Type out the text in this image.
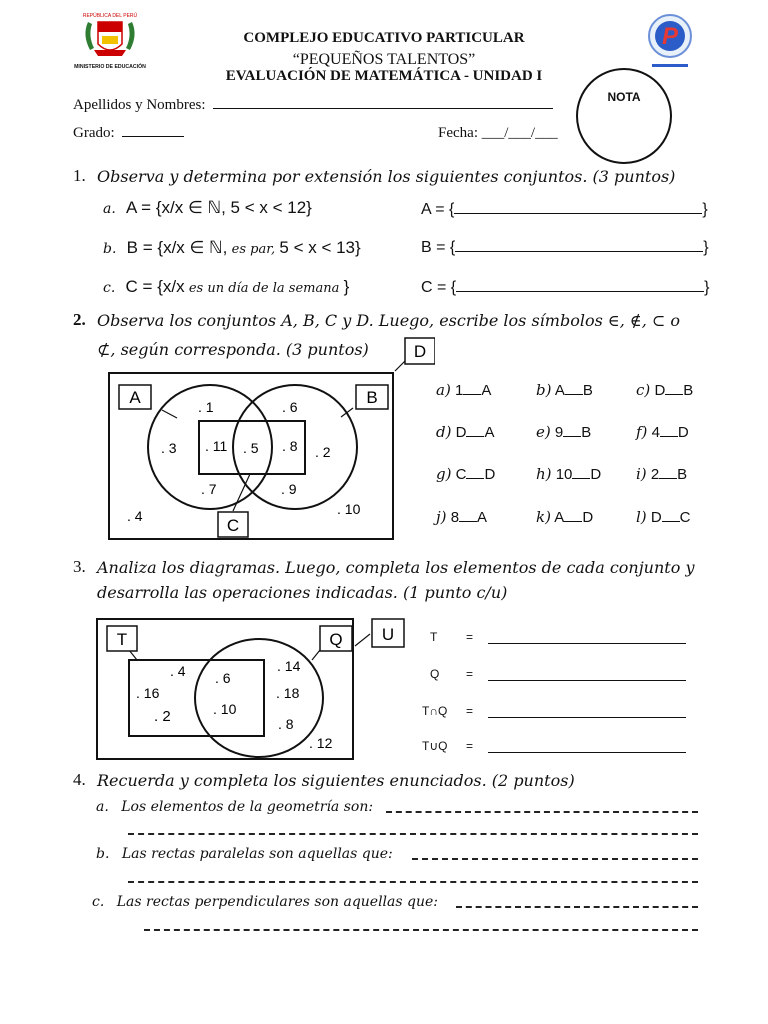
REPÚBLICA DEL PERÚ
MINISTERIO DE EDUCACIÓN
P
COMPLEJO EDUCATIVO PARTICULAR
“PEQUEÑOS TALENTOS”
EVALUACIÓN DE MATEMÁTICA - UNIDAD I
NOTA
Apellidos y Nombres:
Grado:	Fecha: ___/___/___
1. Observa y determina por extensión los siguientes conjuntos. (3 puntos)
a. A = {x/x ∈ ℕ, 5 < x < 12}
b. B = {x/x ∈ ℕ, es par, 5 < x < 13}
c. C = {x/x es un día de la semana }
A = {	}
B = {	}
C = {	}
2. Observa los conjuntos A, B, C y D. Luego, escribe los símbolos ∈, ∉, ⊂ o
⊄, según corresponda. (3 puntos)
A	B
C
D
. 1	. 6
. 3 . 11 . 5 . 8 . 2
. 7	. 9
. 4	. 10
a) 1 A	b) A B	c) D B
d) D A	e) 9 B	f) 4 D
g) C D	h) 10 D i) 2 B
j) 8 A	k) A D	l) D C
3. Analiza los diagramas. Luego, completa los elementos de cada conjunto y
desarrolla las operaciones indicadas. (1 punto c/u)
T	Q U
. 4
. 16
. 2
. 6
. 10
. 14
. 18
. 8
. 12
T =
Q =
T∩Q =
T∪Q =
4. Recuerda y completa los siguientes enunciados. (2 puntos)
a. Los elementos de la geometría son:
b. Las rectas paralelas son aquellas que:
c. Las rectas perpendiculares son aquellas que:
